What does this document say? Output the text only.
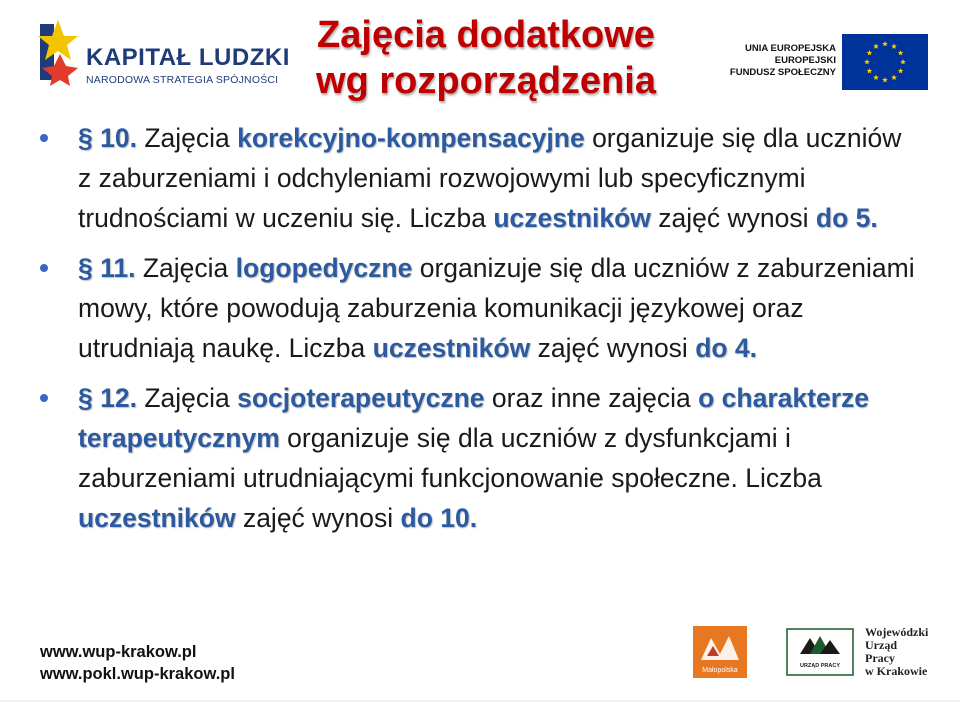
KAPITAŁ LUDZKI
NARODOWA STRATEGIA SPÓJNOŚCI
Zajęcia dodatkowe
wg rozporządzenia
UNIA EUROPEJSKA
EUROPEJSKI
FUNDUSZ SPOŁECZNY
§ 10. Zajęcia korekcyjno-kompensacyjne organizuje się dla uczniów z zaburzeniami i odchyleniami rozwojowymi lub specyficznymi trudnościami w uczeniu się. Liczba uczestników zajęć wynosi do 5.
§ 11. Zajęcia logopedyczne organizuje się dla uczniów z zaburzeniami mowy, które powodują zaburzenia komunikacji językowej oraz utrudniają naukę. Liczba uczestników zajęć wynosi do 4.
§ 12. Zajęcia socjoterapeutyczne oraz inne zajęcia o charakterze terapeutycznym organizuje się dla uczniów z dysfunkcjami i zaburzeniami utrudniającymi funkcjonowanie społeczne. Liczba uczestników zajęć wynosi do 10.
www.wup-krakow.pl
www.pokl.wup-krakow.pl	Małopolska
URZĄD PRACY
Wojewódzki
Urząd
Pracy
w Krakowie
